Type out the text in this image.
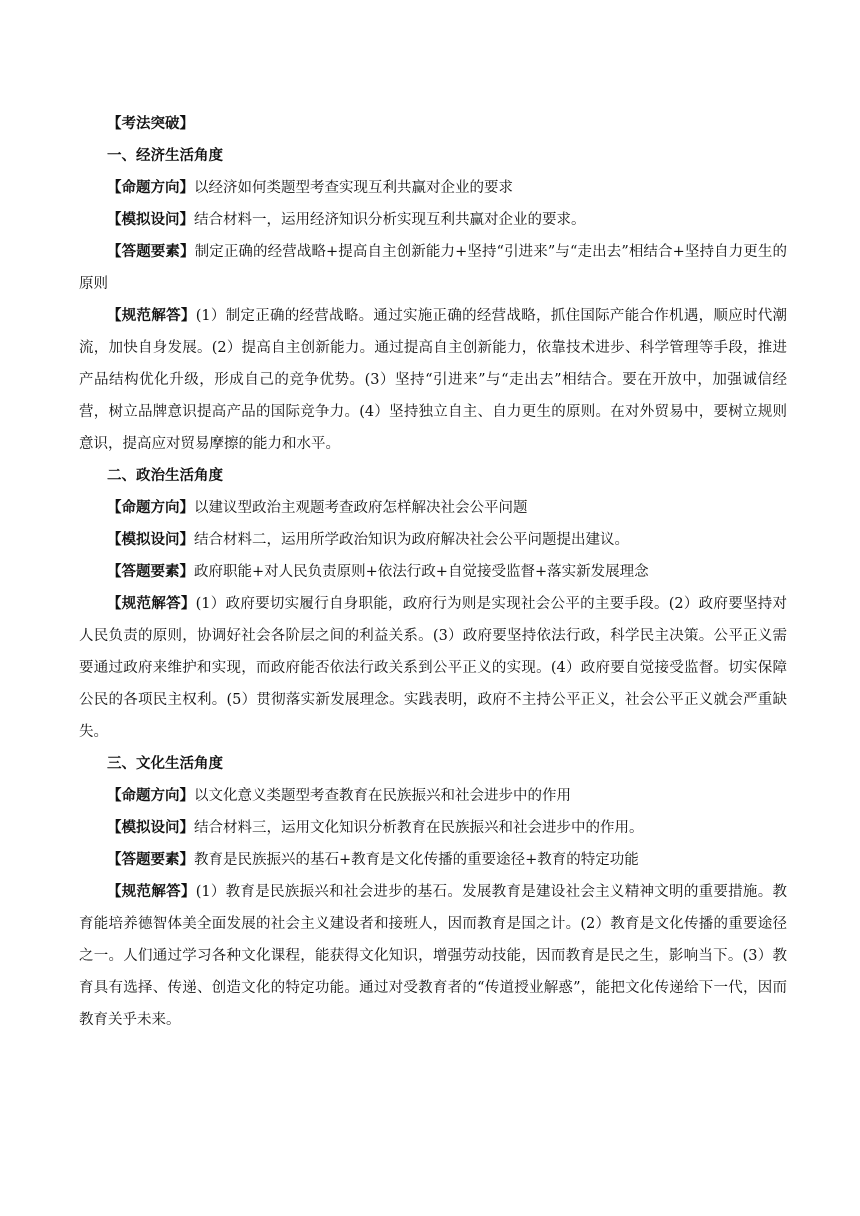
【考法突破】

一、经济生活角度

【命题方向】以经济如何类题型考查实现互利共赢对企业的要求

【模拟设问】结合材料一，运用经济知识分析实现互利共赢对企业的要求。

【答题要素】制定正确的经营战略+提高自主创新能力+坚持“引进来”与“走出去”相结合+坚持自力更生的原则

【规范解答】(1）制定正确的经营战略。通过实施正确的经营战略，抓住国际产能合作机遇，顺应时代潮流，加快自身发展。(2）提高自主创新能力。通过提高自主创新能力，依靠技术进步、科学管理等手段，推进产品结构优化升级，形成自己的竞争优势。(3）坚持“引进来”与“走出去”相结合。要在开放中，加强诚信经营，树立品牌意识提高产品的国际竞争力。(4）坚持独立自主、自力更生的原则。在对外贸易中，要树立规则意识，提高应对贸易摩擦的能力和水平。

二、政治生活角度

【命题方向】以建议型政治主观题考查政府怎样解决社会公平问题

【模拟设问】结合材料二，运用所学政治知识为政府解决社会公平问题提出建议。

【答题要素】政府职能+对人民负责原则+依法行政+自觉接受监督+落实新发展理念

【规范解答】(1）政府要切实履行自身职能，政府行为则是实现社会公平的主要手段。(2）政府要坚持对人民负责的原则，协调好社会各阶层之间的利益关系。(3）政府要坚持依法行政，科学民主决策。公平正义需要通过政府来维护和实现，而政府能否依法行政关系到公平正义的实现。(4）政府要自觉接受监督。切实保障公民的各项民主权利。(5）贯彻落实新发展理念。实践表明，政府不主持公平正义，社会公平正义就会严重缺失。

三、文化生活角度

【命题方向】以文化意义类题型考查教育在民族振兴和社会进步中的作用

【模拟设问】结合材料三，运用文化知识分析教育在民族振兴和社会进步中的作用。

【答题要素】教育是民族振兴的基石+教育是文化传播的重要途径+教育的特定功能

【规范解答】(1）教育是民族振兴和社会进步的基石。发展教育是建设社会主义精神文明的重要措施。教育能培养德智体美全面发展的社会主义建设者和接班人，因而教育是国之计。(2）教育是文化传播的重要途径之一。人们通过学习各种文化课程，能获得文化知识，增强劳动技能，因而教育是民之生，影响当下。(3）教育具有选择、传递、创造文化的特定功能。通过对受教育者的“传道授业解惑”，能把文化传递给下一代，因而教育关乎未来。
